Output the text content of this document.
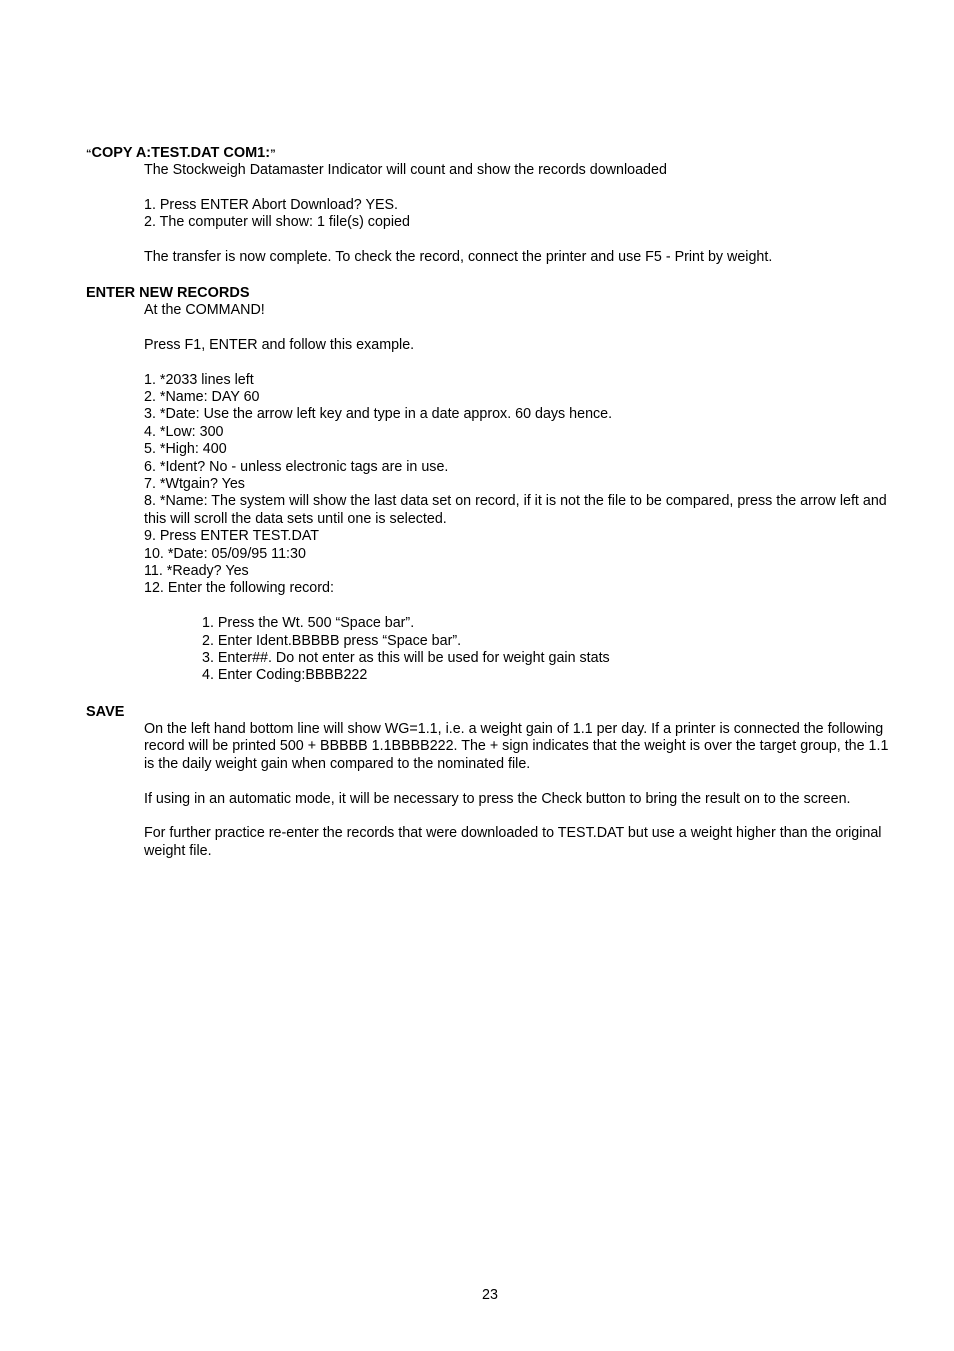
“COPY A:TEST.DAT COM1:”
The Stockweigh Datamaster Indicator will count and show the records downloaded
1. Press ENTER Abort Download? YES.
2. The computer will show: 1 file(s) copied
The transfer is now complete. To check the record, connect the printer and use F5 - Print by weight.
ENTER NEW RECORDS
At the COMMAND!
Press F1, ENTER and follow this example.
1. *2033 lines left
2. *Name: DAY 60
3. *Date: Use the arrow left key and type in a date approx. 60 days hence.
4. *Low: 300
5. *High: 400
6. *Ident? No - unless electronic tags are in use.
7. *Wtgain? Yes
8. *Name: The system will show the last data set on record, if it is not the file to be compared, press the arrow left and this will scroll the data sets until one is selected.
9. Press ENTER TEST.DAT
10. *Date: 05/09/95 11:30
11. *Ready? Yes
12. Enter the following record:
1. Press the Wt. 500 “Space bar”.
2. Enter Ident.BBBBB press “Space bar”.
3. Enter##. Do not enter as this will be used for weight gain stats
4. Enter Coding:BBBB222
SAVE
On the left hand bottom line will show WG=1.1, i.e. a weight gain of 1.1 per day. If a printer is connected the following record will be printed 500 + BBBBB 1.1BBBB222. The + sign indicates that the weight is over the target group, the 1.1 is the daily weight gain when compared to the nominated file.
If using in an automatic mode, it will be necessary to press the Check button to bring the result on to the screen.
For further practice re-enter the records that were downloaded to TEST.DAT but use a weight higher than the original weight file.
23
